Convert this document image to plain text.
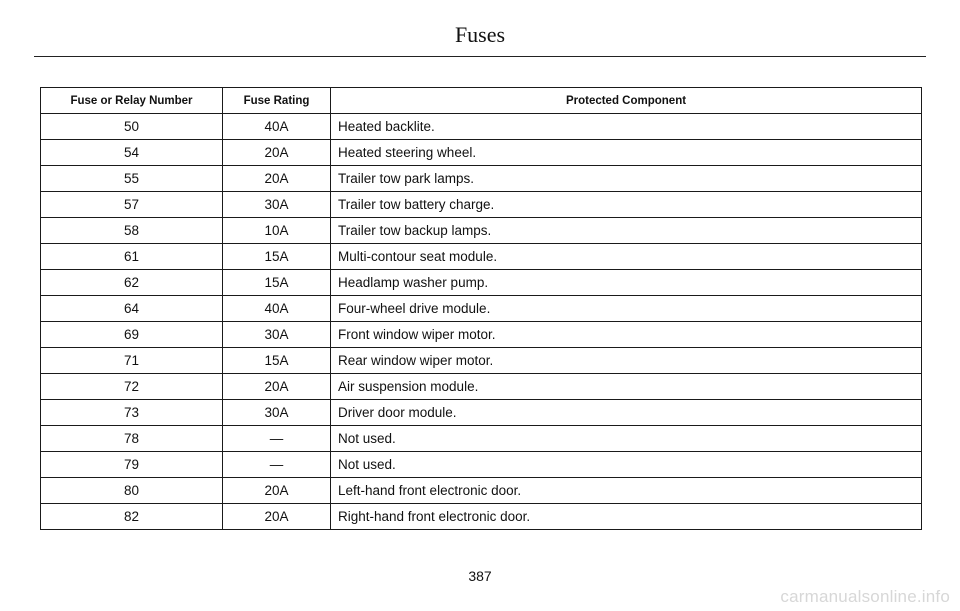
Fuses
Fuse or Relay Number	Fuse Rating	Protected Component
50	40A	Heated backlite.
54	20A	Heated steering wheel.
55	20A	Trailer tow park lamps.
57	30A	Trailer tow battery charge.
58	10A	Trailer tow backup lamps.
61	15A	Multi-contour seat module.
62	15A	Headlamp washer pump.
64	40A	Four-wheel drive module.
69	30A	Front window wiper motor.
71	15A	Rear window wiper motor.
72	20A	Air suspension module.
73	30A	Driver door module.
78	—	Not used.
79	—	Not used.
80	20A	Left-hand front electronic door.
82	20A	Right-hand front electronic door.
387
carmanualsonline.info
